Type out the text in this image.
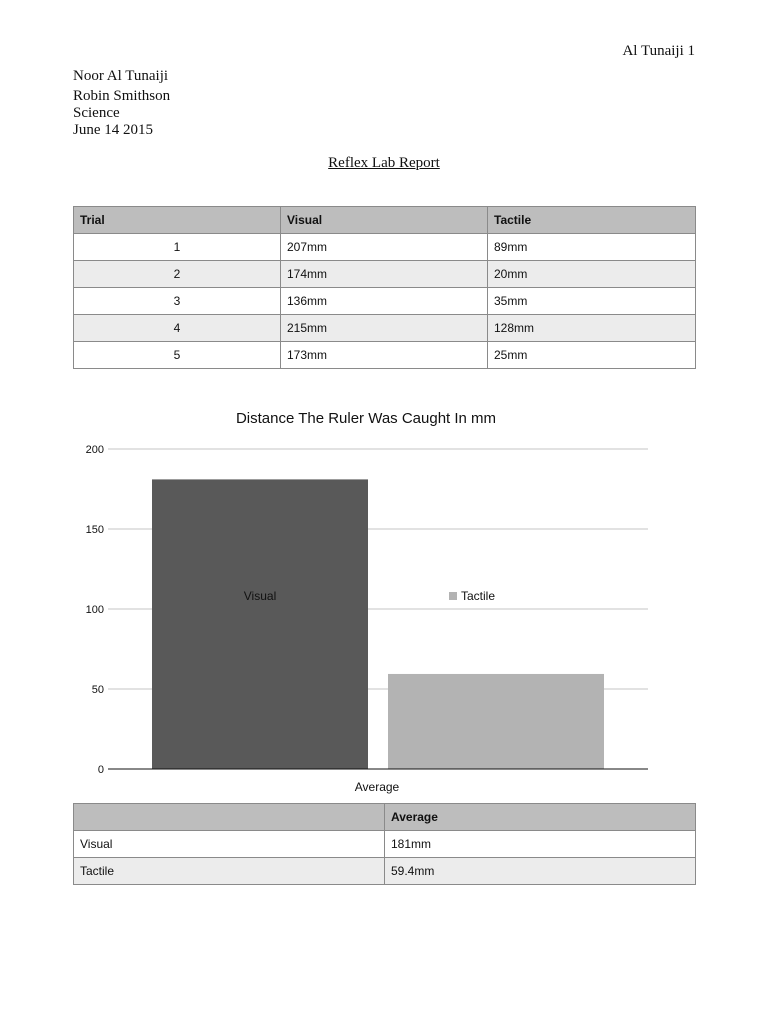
Al Tunaiji 1
Noor Al Tunaiji
Robin Smithson
Science
June 14 2015
Reflex Lab Report
Trial	Visual	Tactile
1	207mm	89mm
2	174mm	20mm
3	136mm	35mm
4	215mm	128mm
5	173mm	25mm
Distance The Ruler Was Caught In mm
0
50
100
150
200
Average
Visual	Tactile
	Average
Visual	181mm
Tactile	59.4mm
